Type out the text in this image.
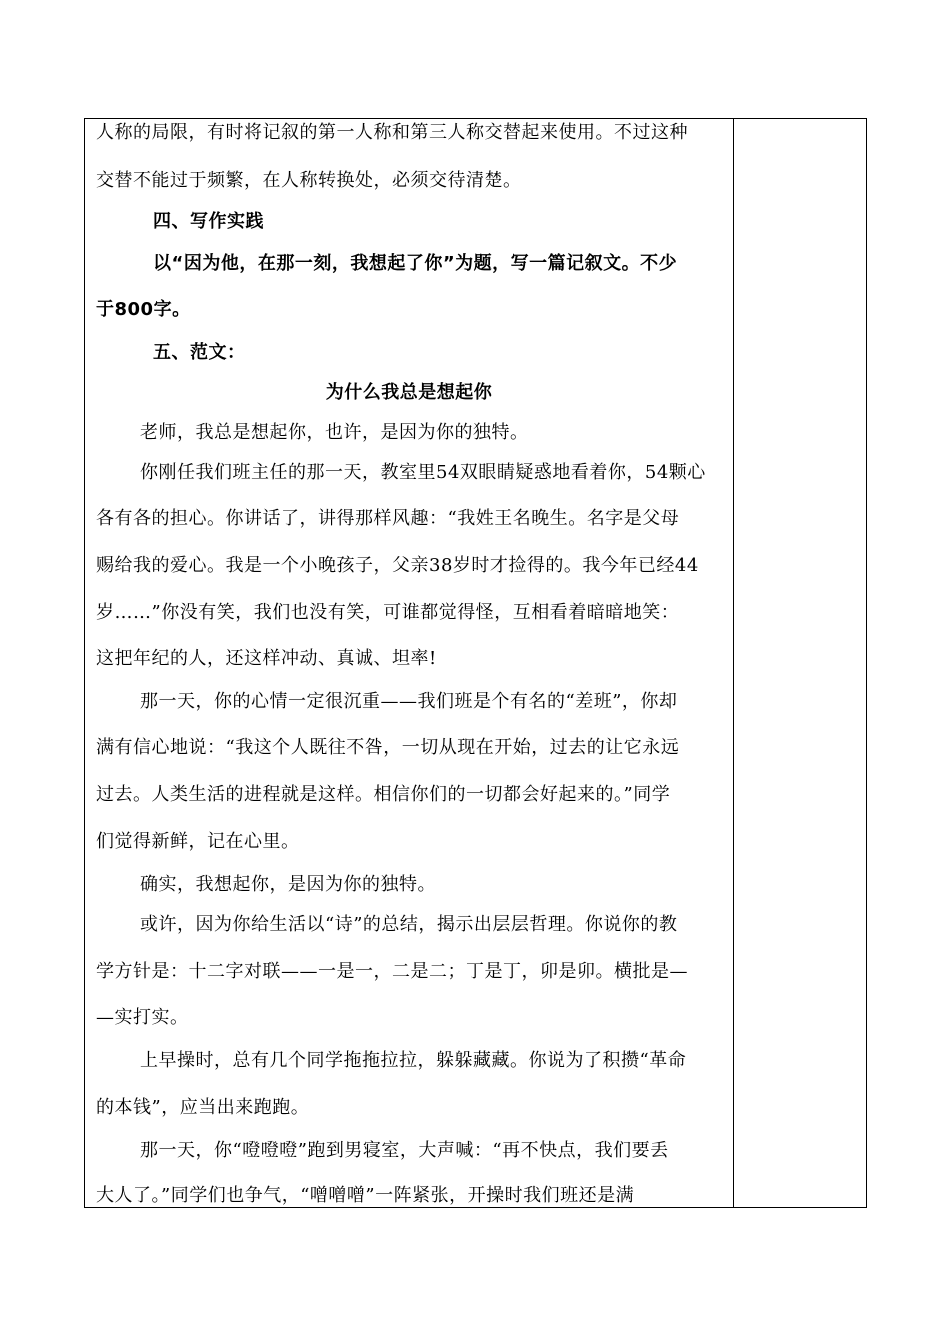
人称的局限，有时将记叙的第一人称和第三人称交替起来使用。不过这种
交替不能过于频繁，在人称转换处，必须交待清楚。
四、写作实践
以“因为他，在那一刻，我想起了你”为题，写一篇记叙文。不少
于800字。
五、范文：
为什么我总是想起你
老师，我总是想起你，也许，是因为你的独特。
你刚任我们班主任的那一天，教室里54双眼睛疑惑地看着你，54颗心
各有各的担心。你讲话了，讲得那样风趣：“我姓王名晚生。名字是父母
赐给我的爱心。我是一个小晚孩子，父亲38岁时才捡得的。我今年已经44
岁……”你没有笑，我们也没有笑，可谁都觉得怪，互相看着暗暗地笑：
这把年纪的人，还这样冲动、真诚、坦率!
那一天，你的心情一定很沉重——我们班是个有名的“差班”，你却
满有信心地说：“我这个人既往不咎，一切从现在开始，过去的让它永远
过去。人类生活的进程就是这样。相信你们的一切都会好起来的。”同学
们觉得新鲜，记在心里。
确实，我想起你，是因为你的独特。
或许，因为你给生活以“诗”的总结，揭示出层层哲理。你说你的教
学方针是：十二字对联——一是一，二是二；丁是丁，卯是卯。横批是—
—实打实。
上早操时，总有几个同学拖拖拉拉，躲躲藏藏。你说为了积攒“革命
的本钱”，应当出来跑跑。
那一天，你“噔噔噔”跑到男寝室，大声喊：“再不快点，我们要丢
大人了。”同学们也争气，“噌噌噌”一阵紧张，开操时我们班还是满
